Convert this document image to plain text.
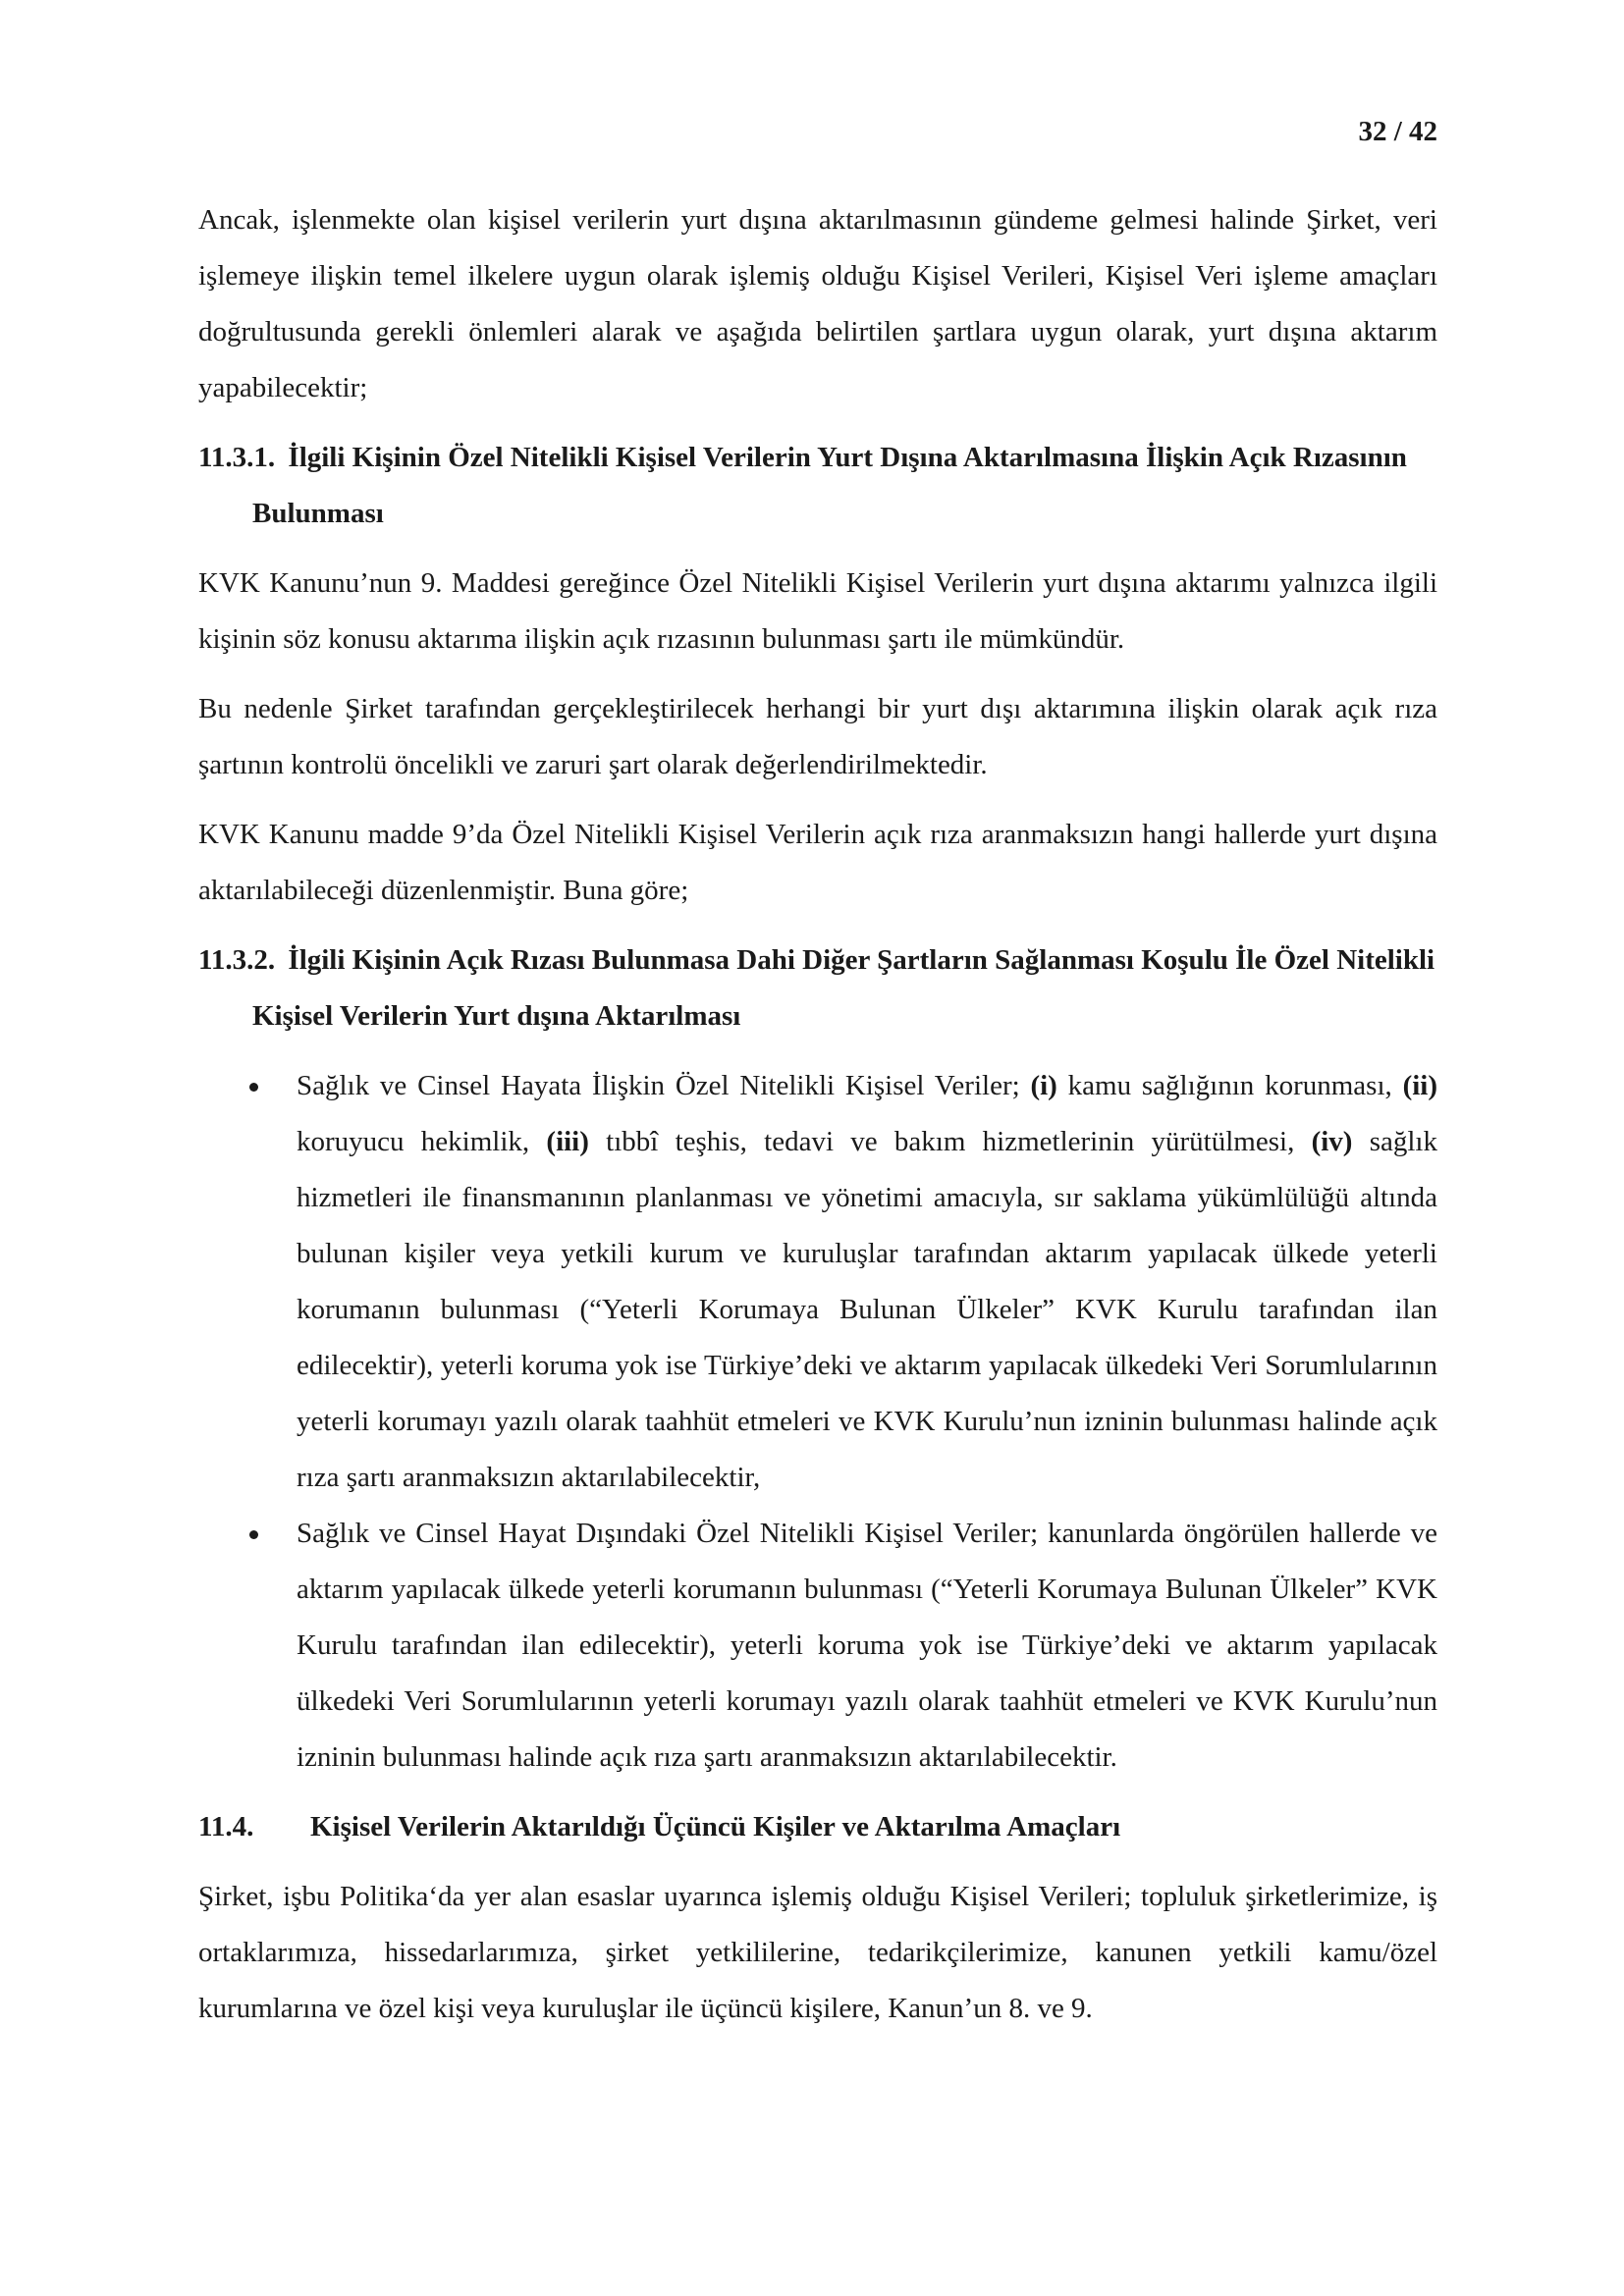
32 / 42

Ancak, işlenmekte olan kişisel verilerin yurt dışına aktarılmasının gündeme gelmesi halinde Şirket, veri işlemeye ilişkin temel ilkelere uygun olarak işlemiş olduğu Kişisel Verileri, Kişisel Veri işleme amaçları doğrultusunda gerekli önlemleri alarak ve aşağıda belirtilen şartlara uygun olarak, yurt dışına aktarım yapabilecektir;

11.3.1. İlgili Kişinin Özel Nitelikli Kişisel Verilerin Yurt Dışına Aktarılmasına İlişkin Açık Rızasının Bulunması

KVK Kanunu’nun 9. Maddesi gereğince Özel Nitelikli Kişisel Verilerin yurt dışına aktarımı yalnızca ilgili kişinin söz konusu aktarıma ilişkin açık rızasının bulunması şartı ile mümkündür.

Bu nedenle Şirket tarafından gerçekleştirilecek herhangi bir yurt dışı aktarımına ilişkin olarak açık rıza şartının kontrolü öncelikli ve zaruri şart olarak değerlendirilmektedir.

KVK Kanunu madde 9’da Özel Nitelikli Kişisel Verilerin açık rıza aranmaksızın hangi hallerde yurt dışına aktarılabileceği düzenlenmiştir. Buna göre;

11.3.2. İlgili Kişinin Açık Rızası Bulunmasa Dahi Diğer Şartların Sağlanması Koşulu İle Özel Nitelikli Kişisel Verilerin Yurt dışına Aktarılması
Sağlık ve Cinsel Hayata İlişkin Özel Nitelikli Kişisel Veriler; (i) kamu sağlığının korunması, (ii) koruyucu hekimlik, (iii) tıbbî teşhis, tedavi ve bakım hizmetlerinin yürütülmesi, (iv) sağlık hizmetleri ile finansmanının planlanması ve yönetimi amacıyla, sır saklama yükümlülüğü altında bulunan kişiler veya yetkili kurum ve kuruluşlar tarafından aktarım yapılacak ülkede yeterli korumanın bulunması (“Yeterli Korumaya Bulunan Ülkeler” KVK Kurulu tarafından ilan edilecektir), yeterli koruma yok ise Türkiye’deki ve aktarım yapılacak ülkedeki Veri Sorumlularının yeterli korumayı yazılı olarak taahhüt etmeleri ve KVK Kurulu’nun izninin bulunması halinde açık rıza şartı aranmaksızın aktarılabilecektir,
Sağlık ve Cinsel Hayat Dışındaki Özel Nitelikli Kişisel Veriler; kanunlarda öngörülen hallerde ve aktarım yapılacak ülkede yeterli korumanın bulunması (“Yeterli Korumaya Bulunan Ülkeler” KVK Kurulu tarafından ilan edilecektir), yeterli koruma yok ise Türkiye’deki ve aktarım yapılacak ülkedeki Veri Sorumlularının yeterli korumayı yazılı olarak taahhüt etmeleri ve KVK Kurulu’nun izninin bulunması halinde açık rıza şartı aranmaksızın aktarılabilecektir.
11.4. Kişisel Verilerin Aktarıldığı Üçüncü Kişiler ve Aktarılma Amaçları

Şirket, işbu Politika‘da yer alan esaslar uyarınca işlemiş olduğu Kişisel Verileri; topluluk şirketlerimize, iş ortaklarımıza, hissedarlarımıza, şirket yetkililerine, tedarikçilerimize, kanunen yetkili kamu/özel kurumlarına ve özel kişi veya kuruluşlar ile üçüncü kişilere, Kanun’un 8. ve 9.
